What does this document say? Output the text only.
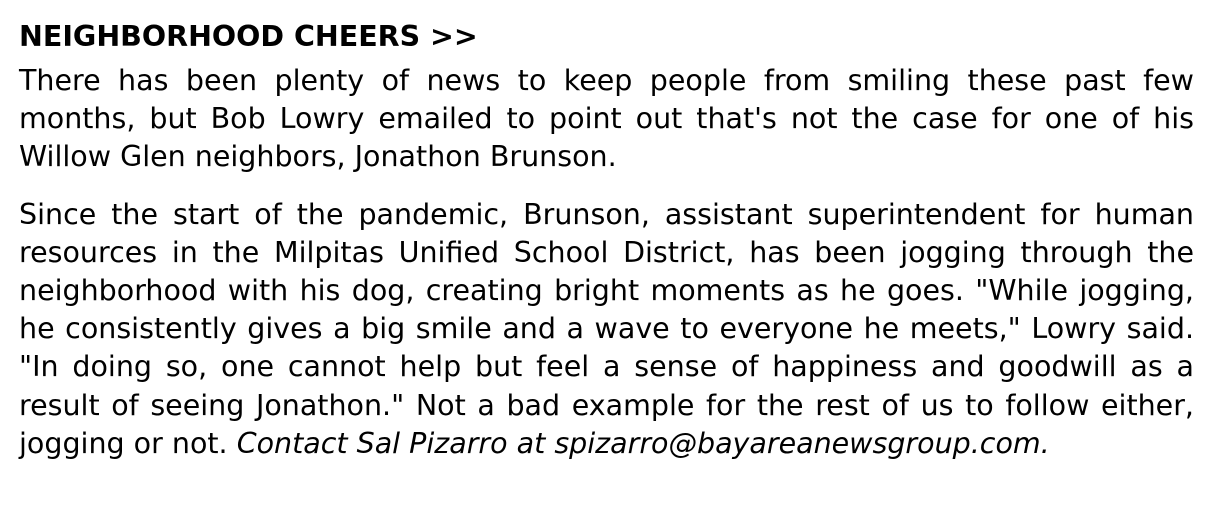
NEIGHBORHOOD CHEERS >>

There has been plenty of news to keep people from smiling these past few months, but Bob Lowry emailed to point out that's not the case for one of his Willow Glen neighbors, Jonathon Brunson.

Since the start of the pandemic, Brunson, assistant superintendent for human resources in the Milpitas Unified School District, has been jogging through the neighborhood with his dog, creating bright moments as he goes. "While jogging, he consistently gives a big smile and a wave to everyone he meets," Lowry said. "In doing so, one cannot help but feel a sense of happiness and goodwill as a result of seeing Jonathon." Not a bad example for the rest of us to follow either, jogging or not. Contact Sal Pizarro at spizarro@bayareanewsgroup.com.
